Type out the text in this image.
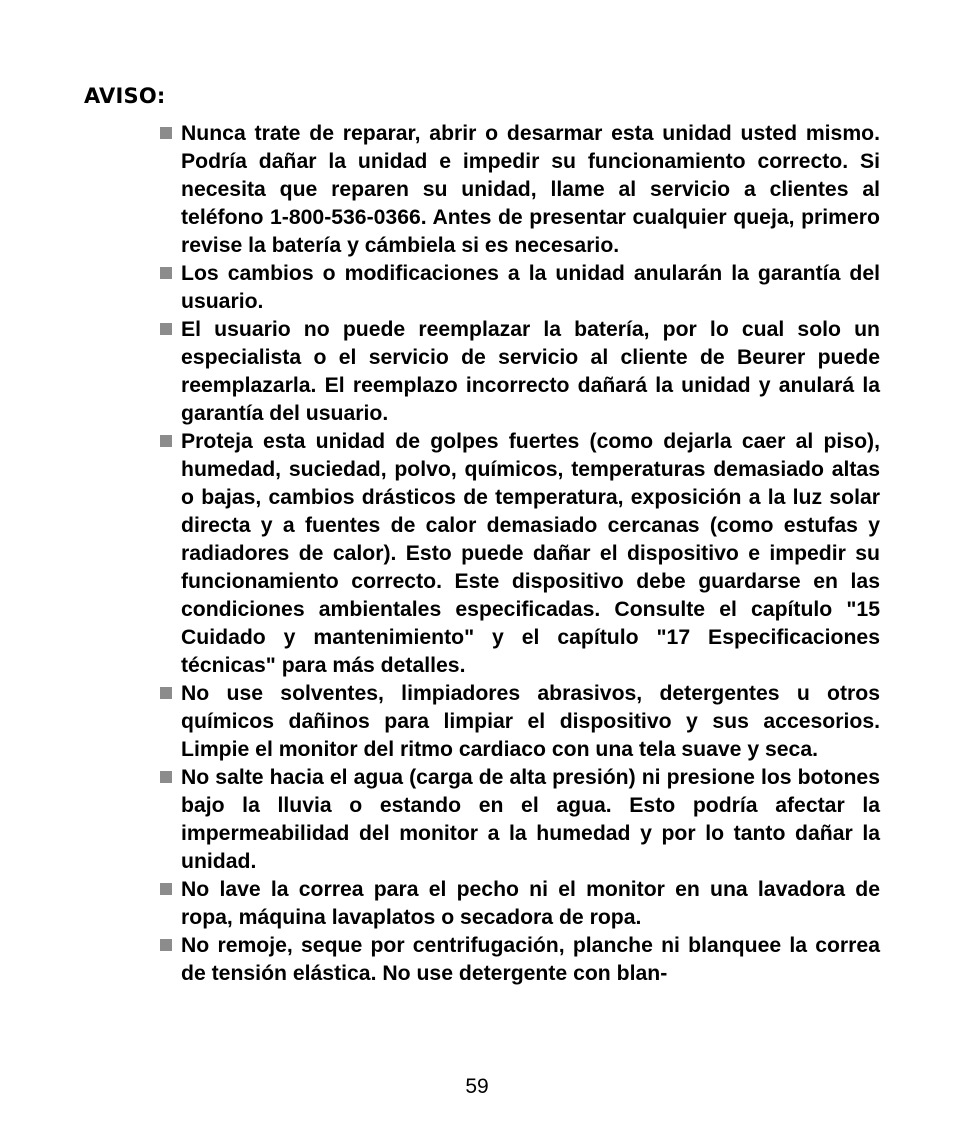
AVISO:
Nunca trate de reparar, abrir o desarmar esta unidad usted mismo. Podría dañar la unidad e impedir su funcionamiento correcto. Si necesita que reparen su unidad, llame al servicio a clientes al teléfono 1-800-536-0366. Antes de presentar cualquier queja, primero revise la batería y cámbiela si es necesario.
Los cambios o modificaciones a la unidad anularán la garantía del usuario.
El usuario no puede reemplazar la batería, por lo cual solo un especialista o el servicio de servicio al cliente de Beurer puede reemplazarla. El reemplazo incorrecto dañará la unidad y anulará la garantía del usuario.
Proteja esta unidad de golpes fuertes (como dejarla caer al piso), humedad, suciedad, polvo, químicos, temperaturas demasiado altas o bajas, cambios drásticos de temperatura, exposición a la luz solar directa y a fuentes de calor demasiado cercanas (como estufas y radiadores de calor). Esto puede dañar el dispositivo e impedir su funcionamiento correcto. Este dispositivo debe guardarse en las condiciones ambientales especificadas. Consulte el capítulo "15 Cuidado y mantenimiento" y el capítulo "17 Especificaciones técnicas" para más detalles.
No use solventes, limpiadores abrasivos, detergentes u otros químicos dañinos para limpiar el dispositivo y sus accesorios. Limpie el monitor del ritmo cardiaco con una tela suave y seca.
No salte hacia el agua (carga de alta presión) ni presione los botones bajo la lluvia o estando en el agua. Esto podría afectar la impermeabilidad del monitor a la humedad y por lo tanto dañar la unidad.
No lave la correa para el pecho ni el monitor en una lavadora de ropa, máquina lavaplatos o secadora de ropa.
No remoje, seque por centrifugación, planche ni blanquee la correa de tensión elástica. No use detergente con blan-

59
